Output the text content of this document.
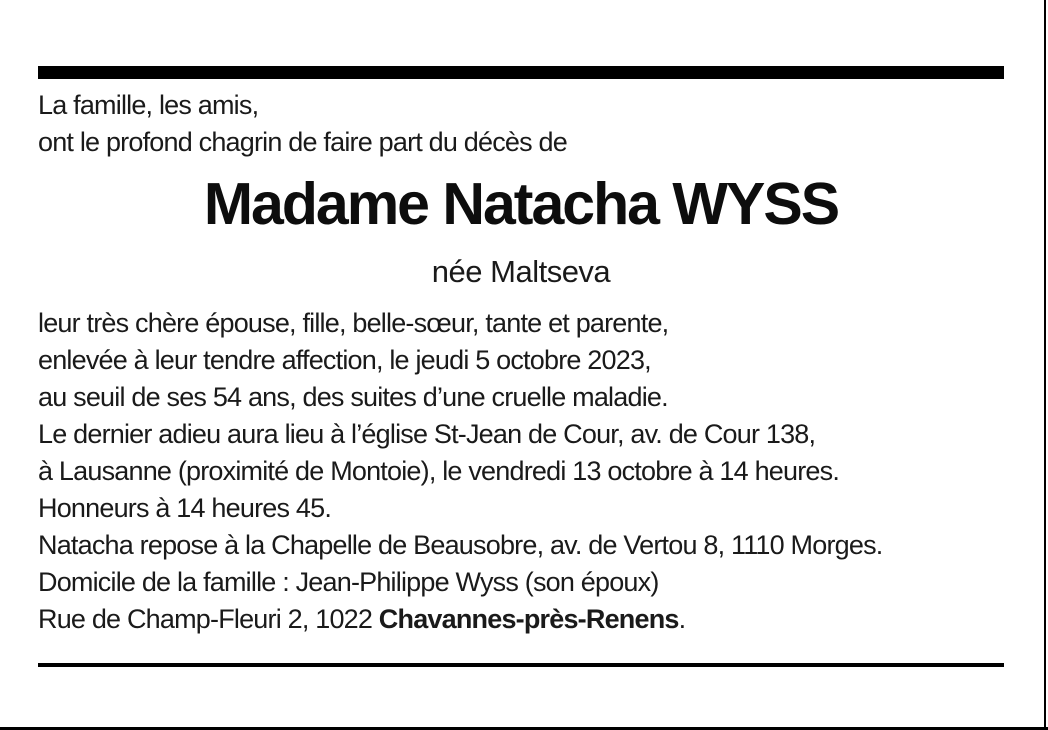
La famille, les amis,
ont le profond chagrin de faire part du décès de
Madame Natacha WYSS
née Maltseva
leur très chère épouse, fille, belle-sœur, tante et parente,
enlevée à leur tendre affection, le jeudi 5 octobre 2023,
au seuil de ses 54 ans, des suites d’une cruelle maladie.
Le dernier adieu aura lieu à l’église St-Jean de Cour, av. de Cour 138,
à Lausanne (proximité de Montoie), le vendredi 13 octobre à 14 heures.
Honneurs à 14 heures 45.
Natacha repose à la Chapelle de Beausobre, av. de Vertou 8, 1110 Morges.
Domicile de la famille : Jean-Philippe Wyss (son époux)
Rue de Champ-Fleuri 2, 1022 Chavannes-près-Renens.
